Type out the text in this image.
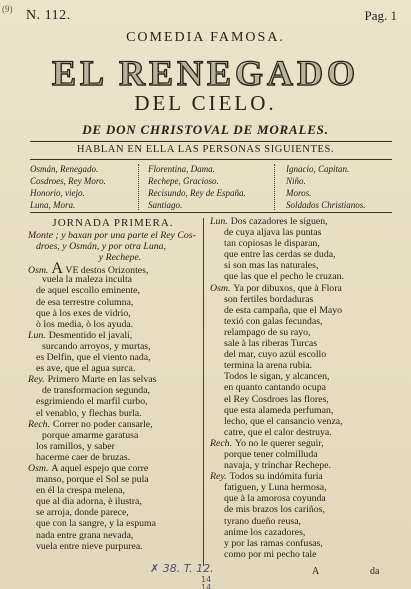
(9) N. 112.	Pag. 1
COMEDIA FAMOSA.
EL RENEGADO
DEL CIELO.
DE DON CHRISTOVAL DE MORALES.
HABLAN EN ELLA LAS PERSONAS SIGUIENTES.
Osmán, Renegado.
Cosdroes, Rey Moro.
Honorio, viejo.
Luna, Mora.
Florentina, Dama.
Rechepe, Gracioso.
Recisundo, Rey de España.
Santiago.
Ignacio, Capitan.
Niño.
Moros.
Soldados Christianos.
JORNADA PRIMERA.
Monte ; y baxan por una parte el Rey Cos-
droes, y Osmán, y por otra Luna,
y Rechepe.
Osm. A VE destos Orizontes,
vuela la maleza inculta
de aquel escollo eminente,
de esa terrestre columna,
que à los exes de vidrio,
ò los media, ò los ayuda.
Lun. Desmentido el javalí,
surcando arroyos, y murtas,
es Delfin, que el viento nada,
es ave, que el agua surca.
Rey. Primero Marte en las selvas
de transformacion segunda,
esgrimiendo el marfil curbo,
el venablo, y flechas burla.
Rech. Correr no poder cansarle,
porque amarme garatusa
los ramillos, y saber
hacerme caer de bruzas.
Osm. A aquel espejo que corre
manso, porque el Sol se pula
en él la crespa melena,
que al dia adorna, è ilustra,
se arroja, donde parece,
que con la sangre, y la espuma
nada entre grana nevada,
vuela entre nieve purpurea.
Lun. Dos cazadores le siguen,
de cuya aljava las puntas
tan copiosas le disparan,
que entre las cerdas se duda,
si son mas las naturales,
que las que el pecho le cruzan.
Osm. Ya por dibuxos, que à Flora
son fertiles bordaduras
de esta campaña, que el Mayo
texió con galas fecundas,
relampago de su rayo,
sale à las riberas Turcas
del mar, cuyo azúl escollo
termina la arena rubia.
Todos le sigan, y alcancen,
en quanto cantando ocupa
el Rey Cosdroes las flores,
que esta alameda perfuman,
lecho, que el cansancio venza,
catre, que el calor destruya.
Rech. Yo no le querer seguir,
porque tener colmilluda
navaja, y trinchar Rechepe.
Rey. Todos su indómita furia
fatiguen, y Luna hermosa,
que à la amorosa coyunda
de mis brazos los cariños,
tyrano dueño reusa,
anime los cazadores,
y por las ramas confusas,
como por mi pecho tale
✗ 38. T. 12.
14
14
A	da
